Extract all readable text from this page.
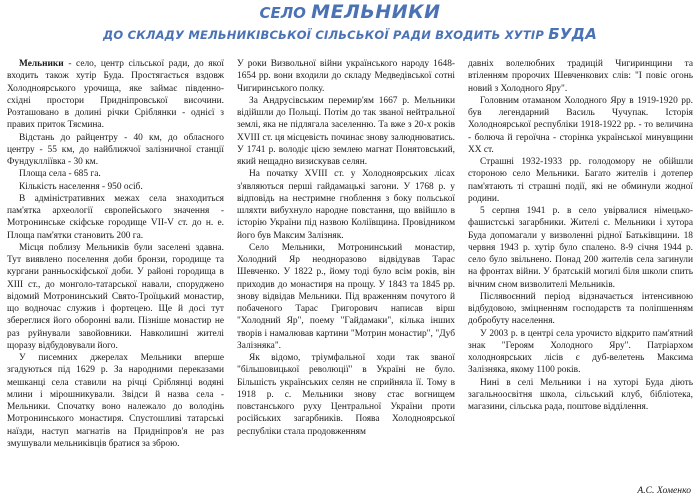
СЕЛО МЕЛЬНИКИ
ДО СКЛАДУ МЕЛЬНИКІВСЬКОЇ СІЛЬСЬКОЇ РАДИ ВХОДИТЬ ХУТІР БУДА

Мельники - село, центр сільської ради, до якої входить також хутір Буда. Простягається вздовж Холодноярського урочища, яке займає південно-східні простори Придніпровської височини. Розташовано в долині річки Сріблянки - однієї з правих приток Тясмина.

Відстань до райцентру - 40 км, до обласного центру - 55 км, до найближчої залізничної станції Фундуклліївка - 30 км.

Площа села - 685 га.

Кількість населення - 950 осіб.

В адміністративних межах села знаходиться пам'ятка археології європейського значення - Мотронинське скіфське городище VII-V ст. до н. е. Площа пам'ятки становить 200 га.

Місця поблизу Мельників були заселені здавна. Тут виявлено поселення доби бронзи, городище та кургани ранньоскіфської доби. У районі городища в XIII ст., до монголо-татарської навали, споруджено відомий Мотронинський Свято-Троїцький монастир, що водночас служив і фортецею. Ще й досі тут збереглися його оборонні вали. Пізніше монастир не раз руйнували завойовники. Навколишні жителі щоразу відбудовували його.

У писемних джерелах Мельники вперше згадуються під 1629 р. За народними переказами мешканці села ставили на річці Сріблянці водяні млини і мірошникували. Звідси й назва села - Мельники. Спочатку воно належало до володінь Мотронинського монастиря. Спустошливі татарські наїзди, наступ магнатів на Придніпров'я не раз змушували мельниківців братися за зброю.

У роки Визвольної війни українського народу 1648-1654 рр. вони входили до складу Медведівської сотні Чигиринського полку.

За Андрусівським перемир'ям 1667 р. Мельники відійшли до Польщі. Потім до так званої нейтральної землі, яка не підлягала заселенню. Та вже з 20-х років XVIII ст. ця місцевість починає знову залюднюватись. У 1741 р. володіє цією землею магнат Понятовський, який нещадно визискував селян.

На початку XVIII ст. у Холодноярських лісах з'являються перші гайдамацькі загони. У 1768 р. у відповідь на нестримне гноблення з боку польської шляхти вибухнуло народне повстання, що ввійшло в історію України під назвою Коліївщина. Провідником його був Максим Залізняк.

Село Мельники, Мотронинський монастир, Холодний Яр неодноразово відвідував Тарас Шевченко. У 1822 р., йому тоді було всім років, він приходив до монастиря на прощу. У 1843 та 1845 рр. знову відвідав Мельники. Під враженням почутого й побаченого Тарас Григорович написав вірш "Холодний Яр", поему "Гайдамаки", кілька інших творів і намалював картини "Мотрин монастир", "Дуб Залізняка".

Як відомо, тріумфальної ходи так званої "більшовицької революції" в Україні не було. Більшість українських селян не сприйняла її. Тому в 1918 р. с. Мельники знову стає вогнищем повстанського руху Центральної України проти російських загарбників. Поява Холодноярської республіки стала продовженням

давніх волелюбних традицій Чигиринщини та втіленням пророчих Шевченкових слів: "І повіє огонь новий з Холодного Яру".

Головним отаманом Холодного Яру в 1919-1920 рр. був легендарний Василь Чучупак. Історія Холодноярської республіки 1918-1922 рр. - то величина - болюча й героїчна - сторінка української минувщини XX ст.

Страшні 1932-1933 рр. голодомору не обійшли стороною село Мельники. Багато жителів і дотепер пам'ятають ті страшні події, які не обминули жодної родини.

5 серпня 1941 р. в село увірвалися німецько-фашистські загарбники. Жителі с. Мельники і хутора Буда допомагали у визволенні рідної Батьківщини. 18 червня 1943 р. хутір було спалено. 8-9 січня 1944 р. село було звільнено. Понад 200 жителів села загинули на фронтах війни. У братській могилі біля школи спить вічним сном визволителі Мельників.

Післявоєнний період відзначається інтенсивною відбудовою, зміцненням господарств та поліпшенням добробуту населення.

У 2003 р. в центрі села урочисто відкрито пам'ятний знак "Героям Холодного Яру". Патріархом холодноярських лісів є дуб-велетень Максима Залізняка, якому 1100 років.

Нині в селі Мельники і на хуторі Буда діють загальноосвітня школа, сільський клуб, бібліотека, магазини, сільська рада, поштове відділення.

А.С. Хоменко
